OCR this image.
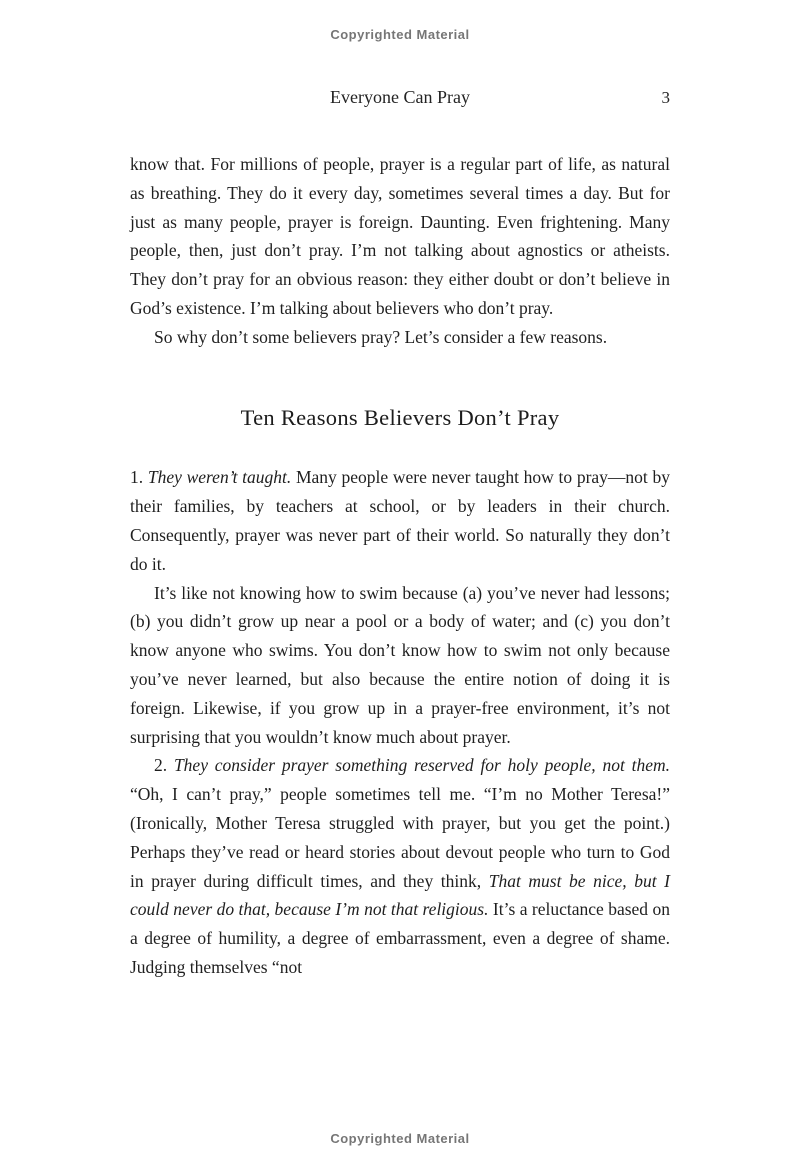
Copyrighted Material
Everyone Can Pray	3

know that. For millions of people, prayer is a regular part of life, as natural as breathing. They do it every day, sometimes several times a day. But for just as many people, prayer is foreign. Daunting. Even frightening. Many people, then, just don’t pray. I’m not talking about agnostics or atheists. They don’t pray for an obvious reason: they either doubt or don’t believe in God’s existence. I’m talking about believers who don’t pray.

So why don’t some believers pray? Let’s consider a few reasons.

Ten Reasons Believers Don’t Pray

1. They weren’t taught. Many people were never taught how to pray—not by their families, by teachers at school, or by leaders in their church. Consequently, prayer was never part of their world. So naturally they don’t do it.

It’s like not knowing how to swim because (a) you’ve never had lessons; (b) you didn’t grow up near a pool or a body of water; and (c) you don’t know anyone who swims. You don’t know how to swim not only because you’ve never learned, but also because the entire notion of doing it is foreign. Likewise, if you grow up in a prayer-free environment, it’s not surprising that you wouldn’t know much about prayer.

2. They consider prayer something reserved for holy people, not them. “Oh, I can’t pray,” people sometimes tell me. “I’m no Mother Teresa!” (Ironically, Mother Teresa struggled with prayer, but you get the point.) Perhaps they’ve read or heard stories about devout people who turn to God in prayer during difficult times, and they think, That must be nice, but I could never do that, because I’m not that religious. It’s a reluctance based on a degree of humility, a degree of embarrassment, even a degree of shame. Judging themselves “not

Copyrighted Material
